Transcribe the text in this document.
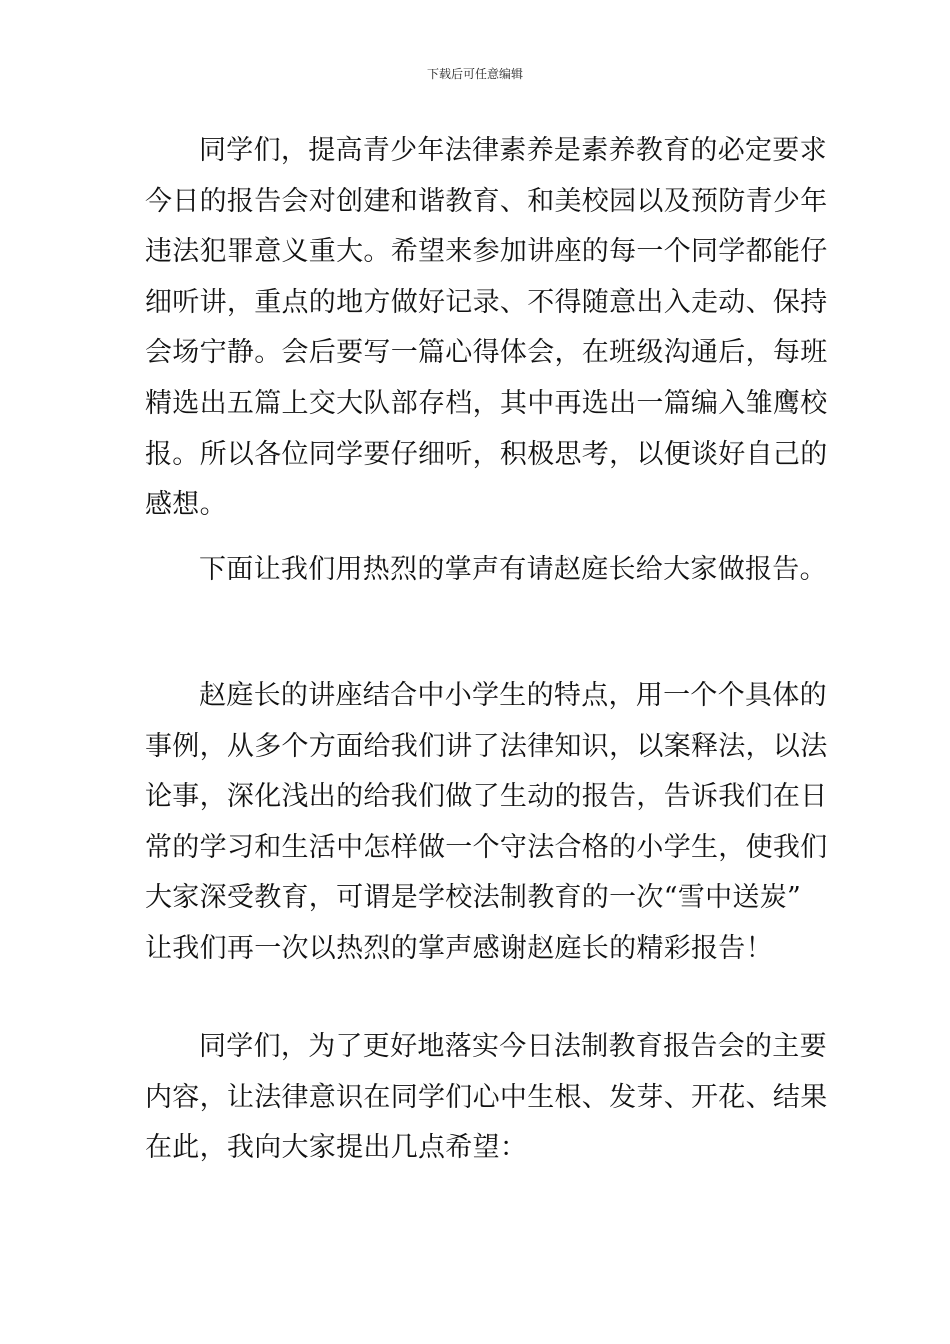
下载后可任意编辑
同学们，提高青少年法律素养是素养教育的必定要求
今日的报告会对创建和谐教育、和美校园以及预防青少年
违法犯罪意义重大。希望来参加讲座的每一个同学都能仔
细听讲，重点的地方做好记录、不得随意出入走动、保持
会场宁静。会后要写一篇心得体会，在班级沟通后，每班
精选出五篇上交大队部存档，其中再选出一篇编入雏鹰校
报。所以各位同学要仔细听，积极思考，以便谈好自己的
感想。
下面让我们用热烈的掌声有请赵庭长给大家做报告。
赵庭长的讲座结合中小学生的特点，用一个个具体的
事例，从多个方面给我们讲了法律知识，以案释法，以法
论事，深化浅出的给我们做了生动的报告，告诉我们在日
常的学习和生活中怎样做一个守法合格的小学生，使我们
大家深受教育，可谓是学校法制教育的一次“雪中送炭”
让我们再一次以热烈的掌声感谢赵庭长的精彩报告！
同学们，为了更好地落实今日法制教育报告会的主要
内容，让法律意识在同学们心中生根、发芽、开花、结果
在此，我向大家提出几点希望：
